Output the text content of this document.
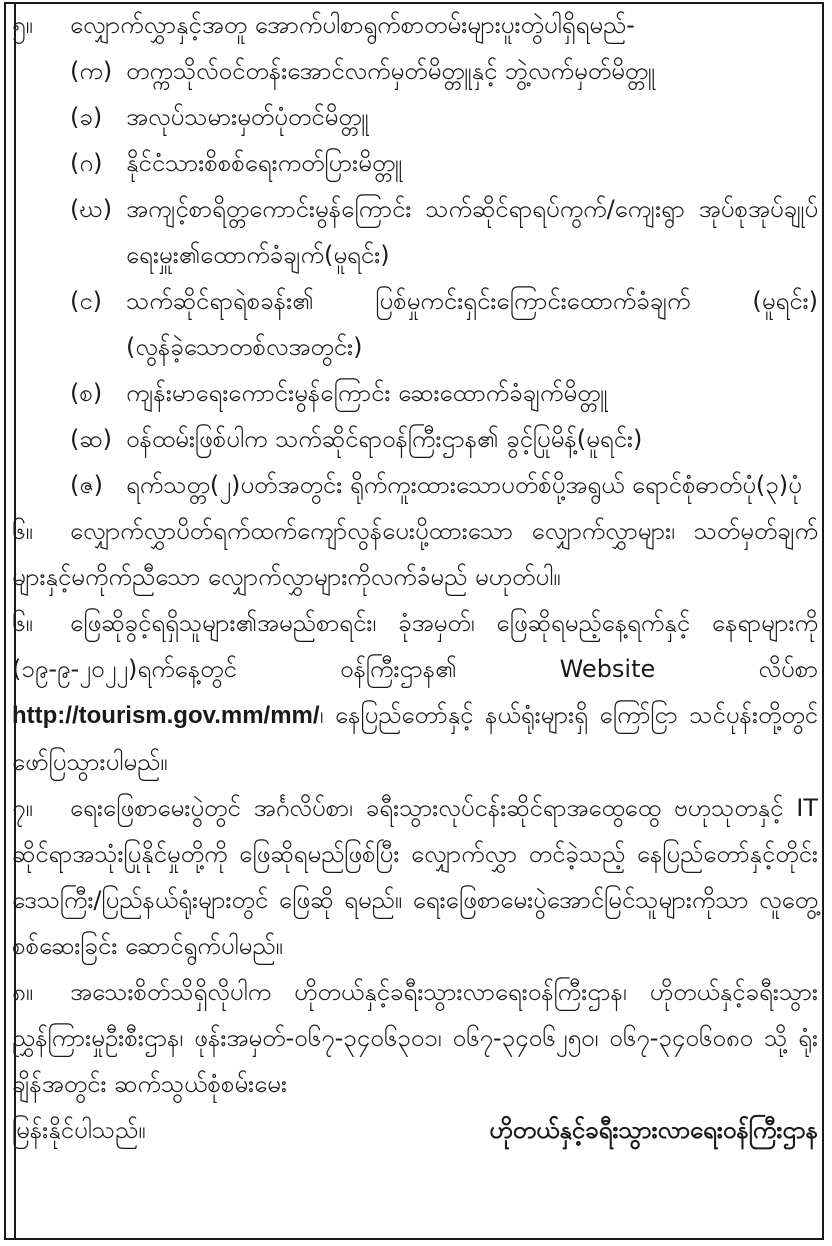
၅။	လျှောက်လွှာနှင့်အတူ အောက်ပါစာရွက်စာတမ်းများပူးတွဲပါရှိရမည်-
(က) တက္ကသိုလ်ဝင်တန်းအောင်လက်မှတ်မိတ္တူနှင့် ဘွဲ့လက်မှတ်မိတ္တူ
(ခ) အလုပ်သမားမှတ်ပုံတင်မိတ္တူ
(ဂ) နိုင်ငံသားစိစစ်ရေးကတ်ပြားမိတ္တူ
(ဃ) အကျင့်စာရိတ္တကောင်းမွန်ကြောင်း သက်ဆိုင်ရာရပ်ကွက်/ကျေးရွာ အုပ်စုအုပ်ချုပ်ရေးမှူး၏ထောက်ခံချက်(မူရင်း)
(င) သက်ဆိုင်ရာရဲစခန်း၏ ပြစ်မှုကင်းရှင်းကြောင်းထောက်ခံချက် (မူရင်း) (လွန်ခဲ့သောတစ်လအတွင်း)
(စ) ကျန်းမာရေးကောင်းမွန်ကြောင်း ဆေးထောက်ခံချက်မိတ္တူ
(ဆ) ဝန်ထမ်းဖြစ်ပါက သက်ဆိုင်ရာဝန်ကြီးဌာန၏ ခွင့်ပြုမိန့်(မူရင်း)
(ဇ) ရက်သတ္တ(၂)ပတ်အတွင်း ရိုက်ကူးထားသောပတ်စ်ပို့အရွယ် ရောင်စုံဓာတ်ပုံ(၃)ပုံ
၆။ လျှောက်လွှာပိတ်ရက်ထက်ကျော်လွန်ပေးပို့ထားသော လျှောက်လွှာများ၊ သတ်မှတ်ချက်များနှင့်မကိုက်ညီသော လျှောက်လွှာများကိုလက်ခံမည် မဟုတ်ပါ။
၆။ ဖြေဆိုခွင့်ရရှိသူများ၏အမည်စာရင်း၊ ခုံအမှတ်၊ ဖြေဆိုရမည့်နေ့ရက်နှင့် နေရာများကို (၁၉-၉-၂၀၂၂)ရက်နေ့တွင် ဝန်ကြီးဌာန၏ Website လိပ်စာ http://tourism.gov.mm/mm/၊ နေပြည်တော်နှင့် နယ်ရုံးများရှိ ကြော်ငြာ သင်ပုန်းတို့တွင်ဖော်ပြသွားပါမည်။
၇။ ရေးဖြေစာမေးပွဲတွင် အင်္ဂလိပ်စာ၊ ခရီးသွားလုပ်ငန်းဆိုင်ရာအထွေထွေ ဗဟုသုတနှင့် IT ဆိုင်ရာအသုံးပြုနိုင်မှုတို့ကို ဖြေဆိုရမည်ဖြစ်ပြီး လျှောက်လွှာ တင်ခဲ့သည့် နေပြည်တော်နှင့်တိုင်းဒေသကြီး/ပြည်နယ်ရုံးများတွင် ဖြေဆို ရမည်။ ရေးဖြေစာမေးပွဲအောင်မြင်သူများကိုသာ လူတွေ့စစ်ဆေးခြင်း ဆောင်ရွက်ပါမည်။
၈။ အသေးစိတ်သိရှိလိုပါက ဟိုတယ်နှင့်ခရီးသွားလာရေးဝန်ကြီးဌာန၊ ဟိုတယ်နှင့်ခရီးသွားညွှန်ကြားမှုဦးစီးဌာန၊ ဖုန်းအမှတ်-၀၆၇-၃၄၀၆၃၀၁၊ ၀၆၇-၃၄၀၆၂၅၀၊ ၀၆၇-၃၄၀၆၀၈၀ သို့ ရုံးချိန်အတွင်း ဆက်သွယ်စုံစမ်းမေး
မြန်းနိုင်ပါသည်။	ဟိုတယ်နှင့်ခရီးသွားလာရေးဝန်ကြီးဌာန
